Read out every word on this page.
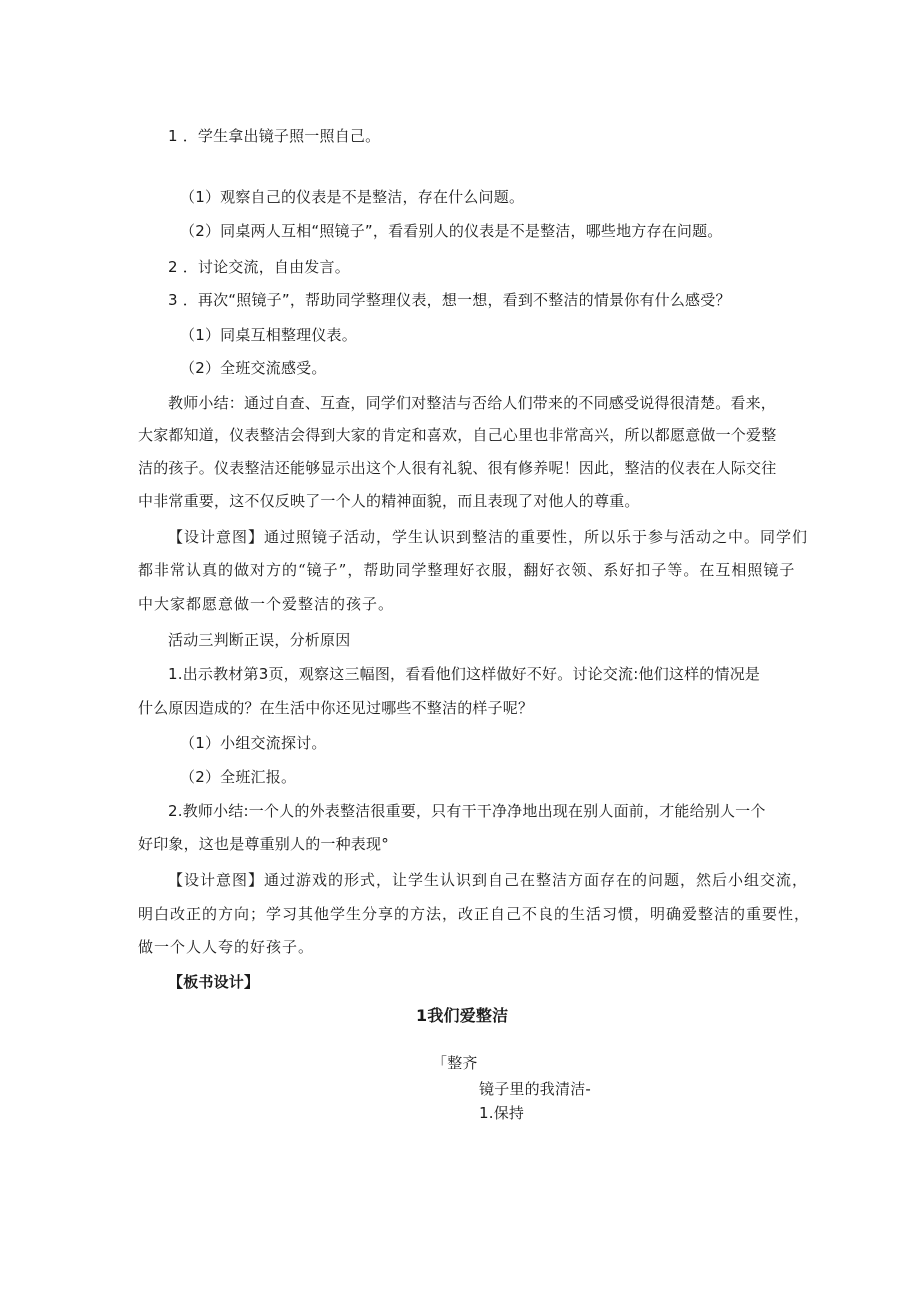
1 ．学生拿出镜子照一照自己。
（1）观察自己的仪表是不是整洁，存在什么问题。
（2）同桌两人互相“照镜子”，看看别人的仪表是不是整洁，哪些地方存在问题。
2 ．讨论交流，自由发言。
3 ．再次“照镜子”，帮助同学整理仪表，想一想，看到不整洁的情景你有什么感受？
（1）同桌互相整理仪表。
（2）全班交流感受。
教师小结：通过自查、互查，同学们对整洁与否给人们带来的不同感受说得很清楚。看来，
大家都知道，仪表整洁会得到大家的肯定和喜欢，自己心里也非常高兴，所以都愿意做一个爱整
洁的孩子。仪表整洁还能够显示出这个人很有礼貌、很有修养呢！因此，整洁的仪表在人际交往
中非常重要，这不仅反映了一个人的精神面貌，而且表现了对他人的尊重。
【设计意图】通过照镜子活动，学生认识到整洁的重要性，所以乐于参与活动之中。同学们
都非常认真的做对方的“镜子”，帮助同学整理好衣服，翻好衣领、系好扣子等。在互相照镜子
中大家都愿意做一个爱整洁的孩子。
活动三判断正误，分析原因
1.出示教材第3页，观察这三幅图，看看他们这样做好不好。讨论交流:他们这样的情况是
什么原因造成的？在生活中你还见过哪些不整洁的样子呢？
（1）小组交流探讨。
（2）全班汇报。
2.教师小结:一个人的外表整洁很重要，只有干干净净地出现在别人面前，才能给别人一个
好印象，这也是尊重别人的一种表现°
【设计意图】通过游戏的形式，让学生认识到自己在整洁方面存在的问题，然后小组交流，
明白改正的方向；学习其他学生分享的方法，改正自己不良的生活习惯，明确爱整洁的重要性，
做一个人人夸的好孩子。
【板书设计】
1我们爱整洁
「整齐
镜子里的我清洁-
1.保持
